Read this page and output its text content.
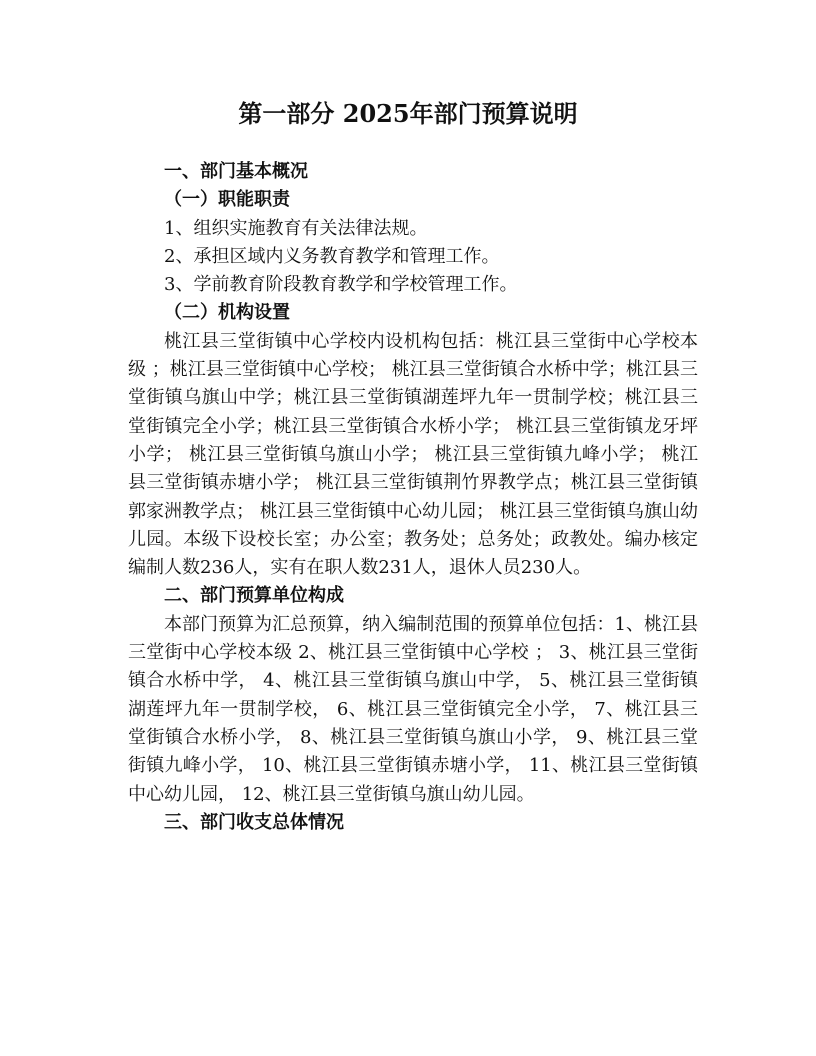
第一部分 2025年部门预算说明

一、部门基本概况

（一）职能职责

1、组织实施教育有关法律法规。

2、承担区域内义务教育教学和管理工作。

3、学前教育阶段教育教学和学校管理工作。

（二）机构设置

桃江县三堂街镇中心学校内设机构包括：桃江县三堂街中心学校本级 ；桃江县三堂街镇中心学校； 桃江县三堂街镇合水桥中学；桃江县三堂街镇乌旗山中学；桃江县三堂街镇湖莲坪九年一贯制学校；桃江县三堂街镇完全小学；桃江县三堂街镇合水桥小学； 桃江县三堂街镇龙牙坪小学； 桃江县三堂街镇乌旗山小学； 桃江县三堂街镇九峰小学； 桃江县三堂街镇赤塘小学； 桃江县三堂街镇荆竹界教学点；桃江县三堂街镇郭家洲教学点； 桃江县三堂街镇中心幼儿园； 桃江县三堂街镇乌旗山幼儿园。本级下设校长室；办公室；教务处；总务处；政教处。编办核定编制人数236人，实有在职人数231人，退休人员230人。

二、部门预算单位构成

本部门预算为汇总预算，纳入编制范围的预算单位包括：1、桃江县三堂街中心学校本级 2、桃江县三堂街镇中心学校 ； 3、桃江县三堂街镇合水桥中学， 4、桃江县三堂街镇乌旗山中学， 5、桃江县三堂街镇湖莲坪九年一贯制学校， 6、桃江县三堂街镇完全小学， 7、桃江县三堂街镇合水桥小学， 8、桃江县三堂街镇乌旗山小学， 9、桃江县三堂街镇九峰小学， 10、桃江县三堂街镇赤塘小学， 11、桃江县三堂街镇中心幼儿园， 12、桃江县三堂街镇乌旗山幼儿园。

三、部门收支总体情况
